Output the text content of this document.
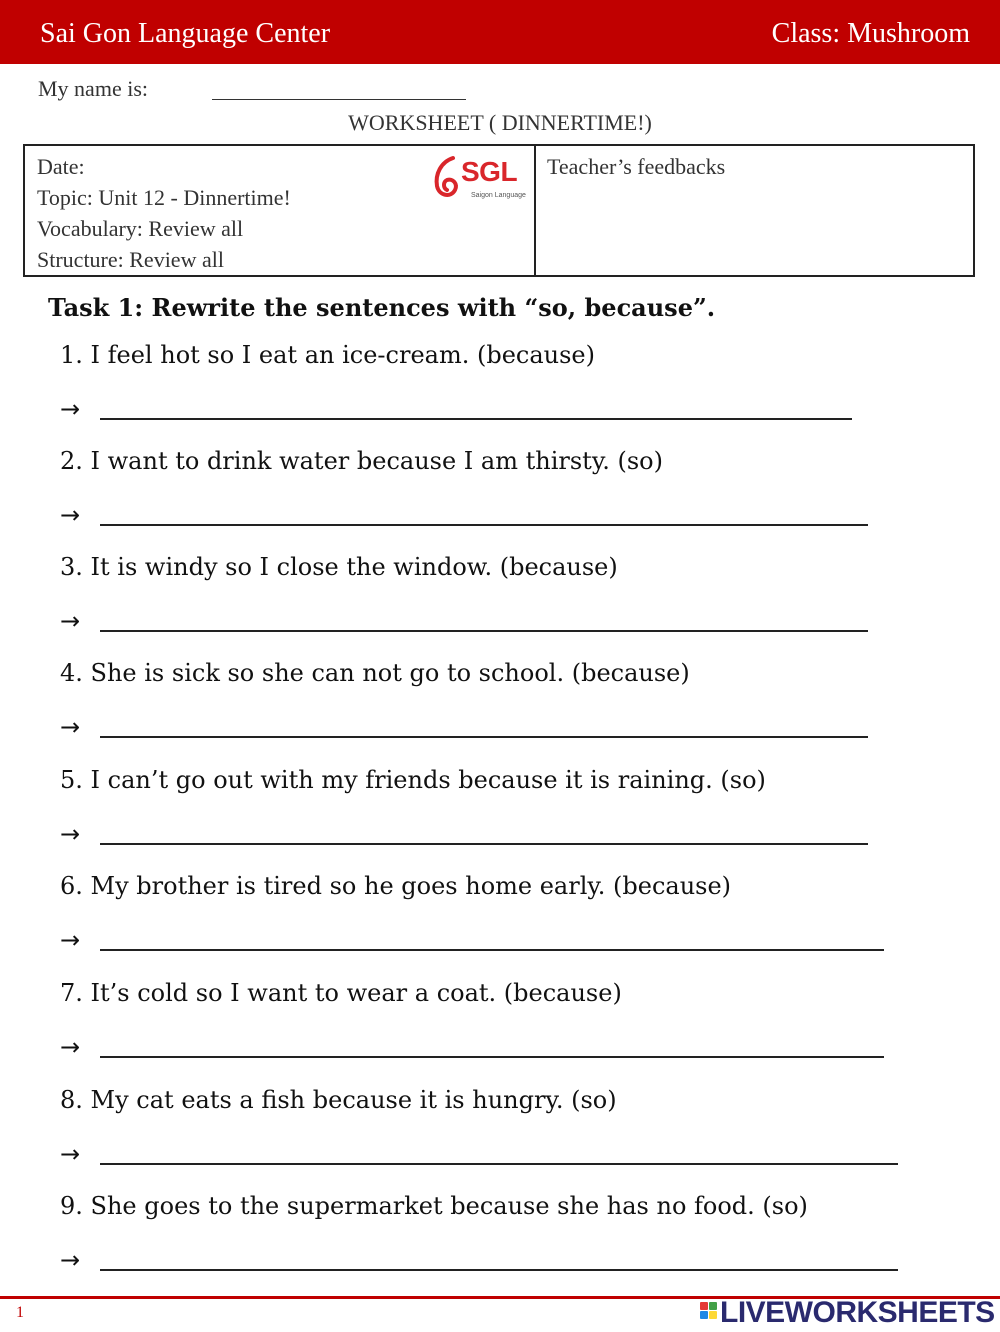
Sai Gon Language Center	Class: Mushroom
My name is:
WORKSHEET ( DINNERTIME!)
Date:
Topic: Unit 12 - Dinnertime!
Vocabulary: Review all
Structure: Review all
SGL
Saigon Language
Teacher’s feedbacks
Task 1: Rewrite the sentences with “so, because”.
1. I feel hot so I eat an ice-cream. (because)
→
2. I want to drink water because I am thirsty. (so)
→
3. It is windy so I close the window. (because)
→
4. She is sick so she can not go to school. (because)
→
5. I can’t go out with my friends because it is raining. (so)
→
6. My brother is tired so he goes home early. (because)
→
7. It’s cold so I want to wear a coat. (because)
→
8. My cat eats a fish because it is hungry. (so)
→
9. She goes to the supermarket because she has no food. (so)
→
1	LIVEWORKSHEETS
